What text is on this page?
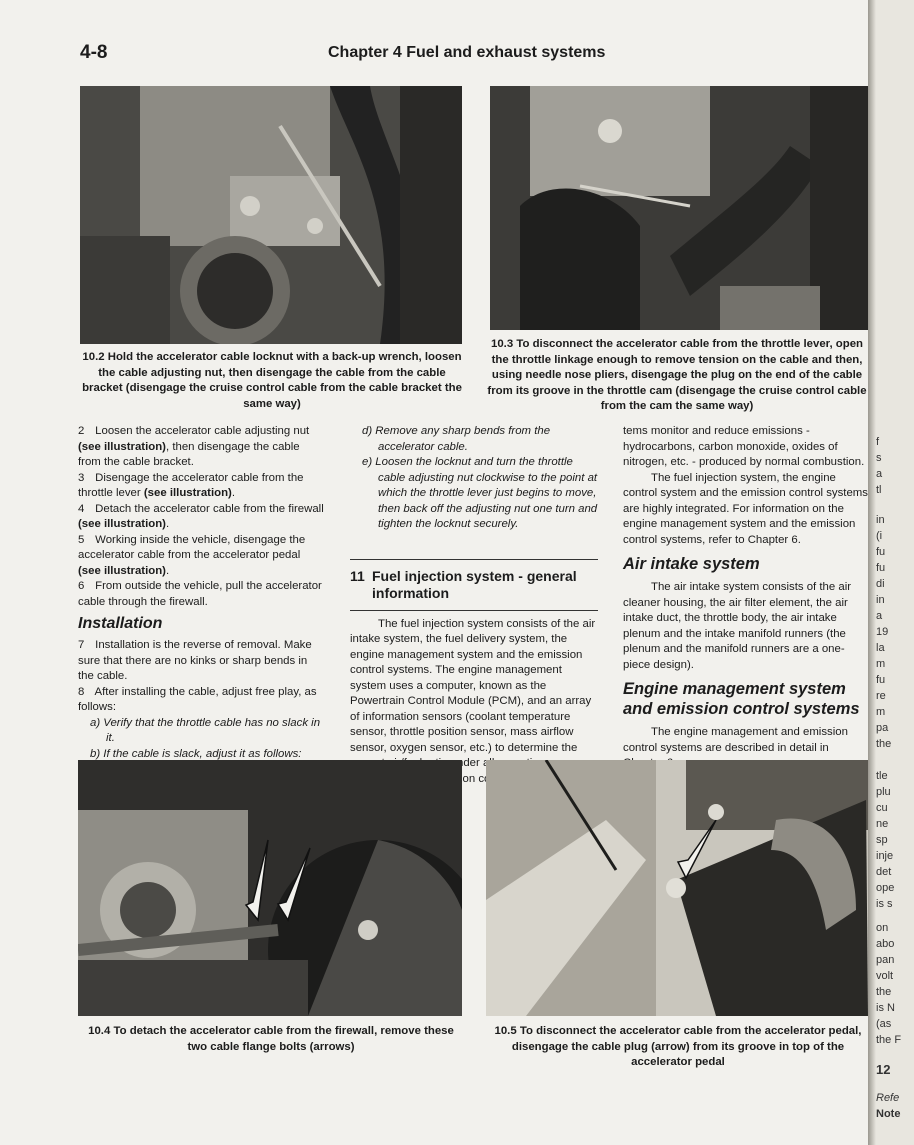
4-8	Chapter 4 Fuel and exhaust systems
10.2 Hold the accelerator cable locknut with a back-up wrench, loosen the cable adjusting nut, then disengage the cable from the cable bracket (disengage the cruise control cable from the cable bracket the same way)
10.3 To disconnect the accelerator cable from the throttle lever, open the throttle linkage enough to remove tension on the cable and then, using needle nose pliers, disengage the plug on the end of the cable from its groove in the throttle cam (disengage the cruise control cable from the cam the same way)

2 Loosen the accelerator cable adjusting nut (see illustration), then disengage the cable from the cable bracket.

3 Disengage the accelerator cable from the throttle lever (see illustration).

4 Detach the accelerator cable from the firewall (see illustration).

5 Working inside the vehicle, disengage the accelerator cable from the accelerator pedal (see illustration).

6 From outside the vehicle, pull the accelerator cable through the firewall.

Installation

7 Installation is the reverse of removal. Make sure that there are no kinks or sharp bends in the cable.

8 After installing the cable, adjust free play, as follows:

a) Verify that the throttle cable has no slack in it.

b) If the cable is slack, adjust it as follows:

d) Remove any sharp bends from the accelerator cable.

e) Loosen the locknut and turn the throttle cable adjusting nut clockwise to the point at which the throttle lever just begins to move, then back off the adjusting nut one turn and tighten the locknut securely.

11 Fuel injection system - general information

The fuel injection system consists of the air intake system, the fuel delivery system, the engine management system and the emission control systems. The engine management system uses a computer, known as the Powertrain Control Module (PCM), and an array of information sensors (coolant temperature sensor, throttle position sensor, mass airflow sensor, oxygen sensor, etc.) to determine the under

tems monitor and reduce emissions - hydrocarbons, carbon monoxide, oxides of nitrogen, etc. - produced by normal combustion.

The fuel injection system, the engine control system and the emission control systems are highly integrated. For information on the engine management system and the emission control systems, refer to Chapter 6.

Air intake system

The air intake system consists of the air cleaner housing, the air filter element, the air intake duct, the throttle body, the air intake plenum and the intake manifold runners (the plenum and the manifold runners are a one-piece design).

Engine management system and emission control systems

The engine management and emission control systems are described in detail in

10.4 To detach the accelerator cable from the firewall, remove these two cable flange bolts (arrows)
10.5 To disconnect the accelerator cable from the accelerator pedal, disengage the cable plug (arrow) from its groove in top of the accelerator pedal
f
s
a
tl
in
(i
fu
fu
di
in
a
19
la
m
fu
re
m
pa
the
tle
plu
cu
ne
sp
inje
det
ope
is s
on
abo
pan
volt
the
is N
(as
the F
12
Refe
Note
